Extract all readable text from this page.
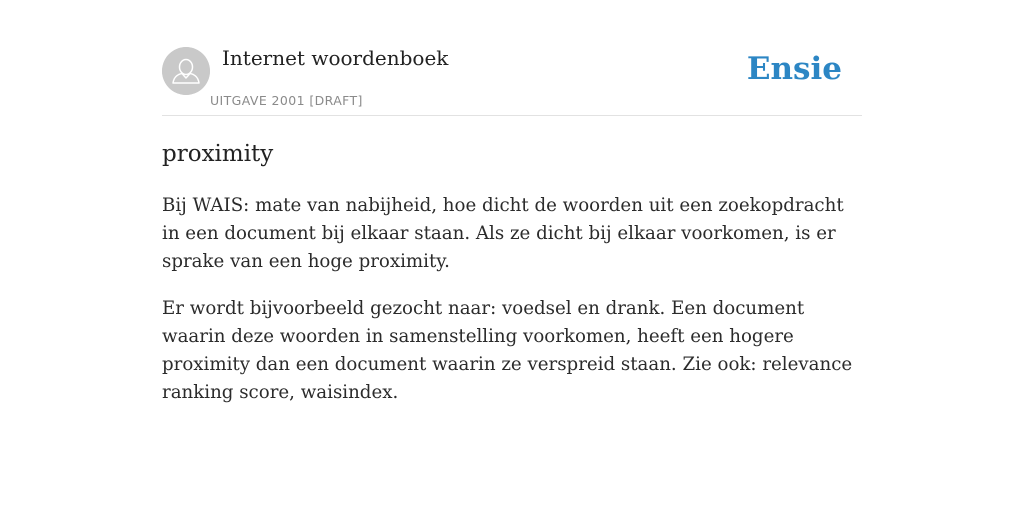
Internet woordenboek
UITGAVE 2001 [DRAFT]
Ensie
proximity

Bij WAIS: mate van nabijheid, hoe dicht de woorden uit een zoekopdracht in een document bij elkaar staan. Als ze dicht bij elkaar voorkomen, is er sprake van een hoge proximity.

Er wordt bijvoorbeeld gezocht naar: voedsel en drank. Een document waarin deze woorden in samenstelling voorkomen, heeft een hogere proximity dan een document waarin ze verspreid staan. Zie ook: relevance ranking score, waisindex.
